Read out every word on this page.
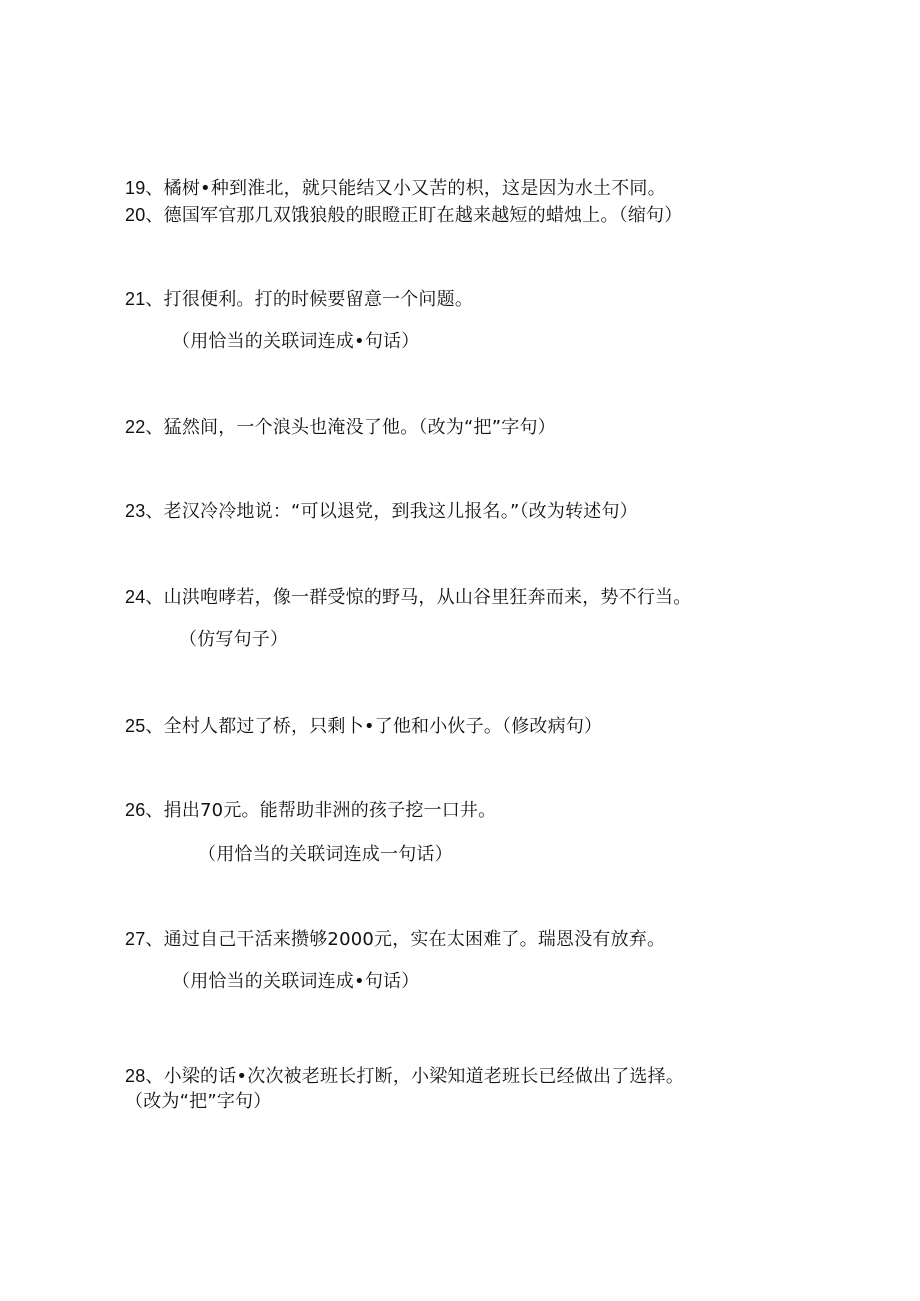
19、橘树•种到淮北，就只能结又小又苦的枳，这是因为水土不同。
20、德国军官那几双饿狼般的眼瞪正盯在越来越短的蜡烛上。（缩句）
21、打很便利。打的时候要留意一个问题。
（用恰当的关联词连成•句话）
22、猛然间，一个浪头也淹没了他。（改为“把”字句）
23、老汉冷冷地说：“可以退党，到我这儿报名。”（改为转述句）
24、山洪咆哮若，像一群受惊的野马，从山谷里狂奔而来，势不行当。
（仿写句子）
25、全村人都过了桥，只剩卜•了他和小伙子。（修改病句）
26、捐出70元。能帮助非洲的孩子挖一口井。
（用恰当的关联词连成一句话）
27、通过自己干活来攒够2000元，实在太困难了。瑞恩没有放弃。
（用恰当的关联词连成•句话）
28、小梁的话•次次被老班长打断，小梁知道老班长已经做出了选择。
（改为“把”字句）
